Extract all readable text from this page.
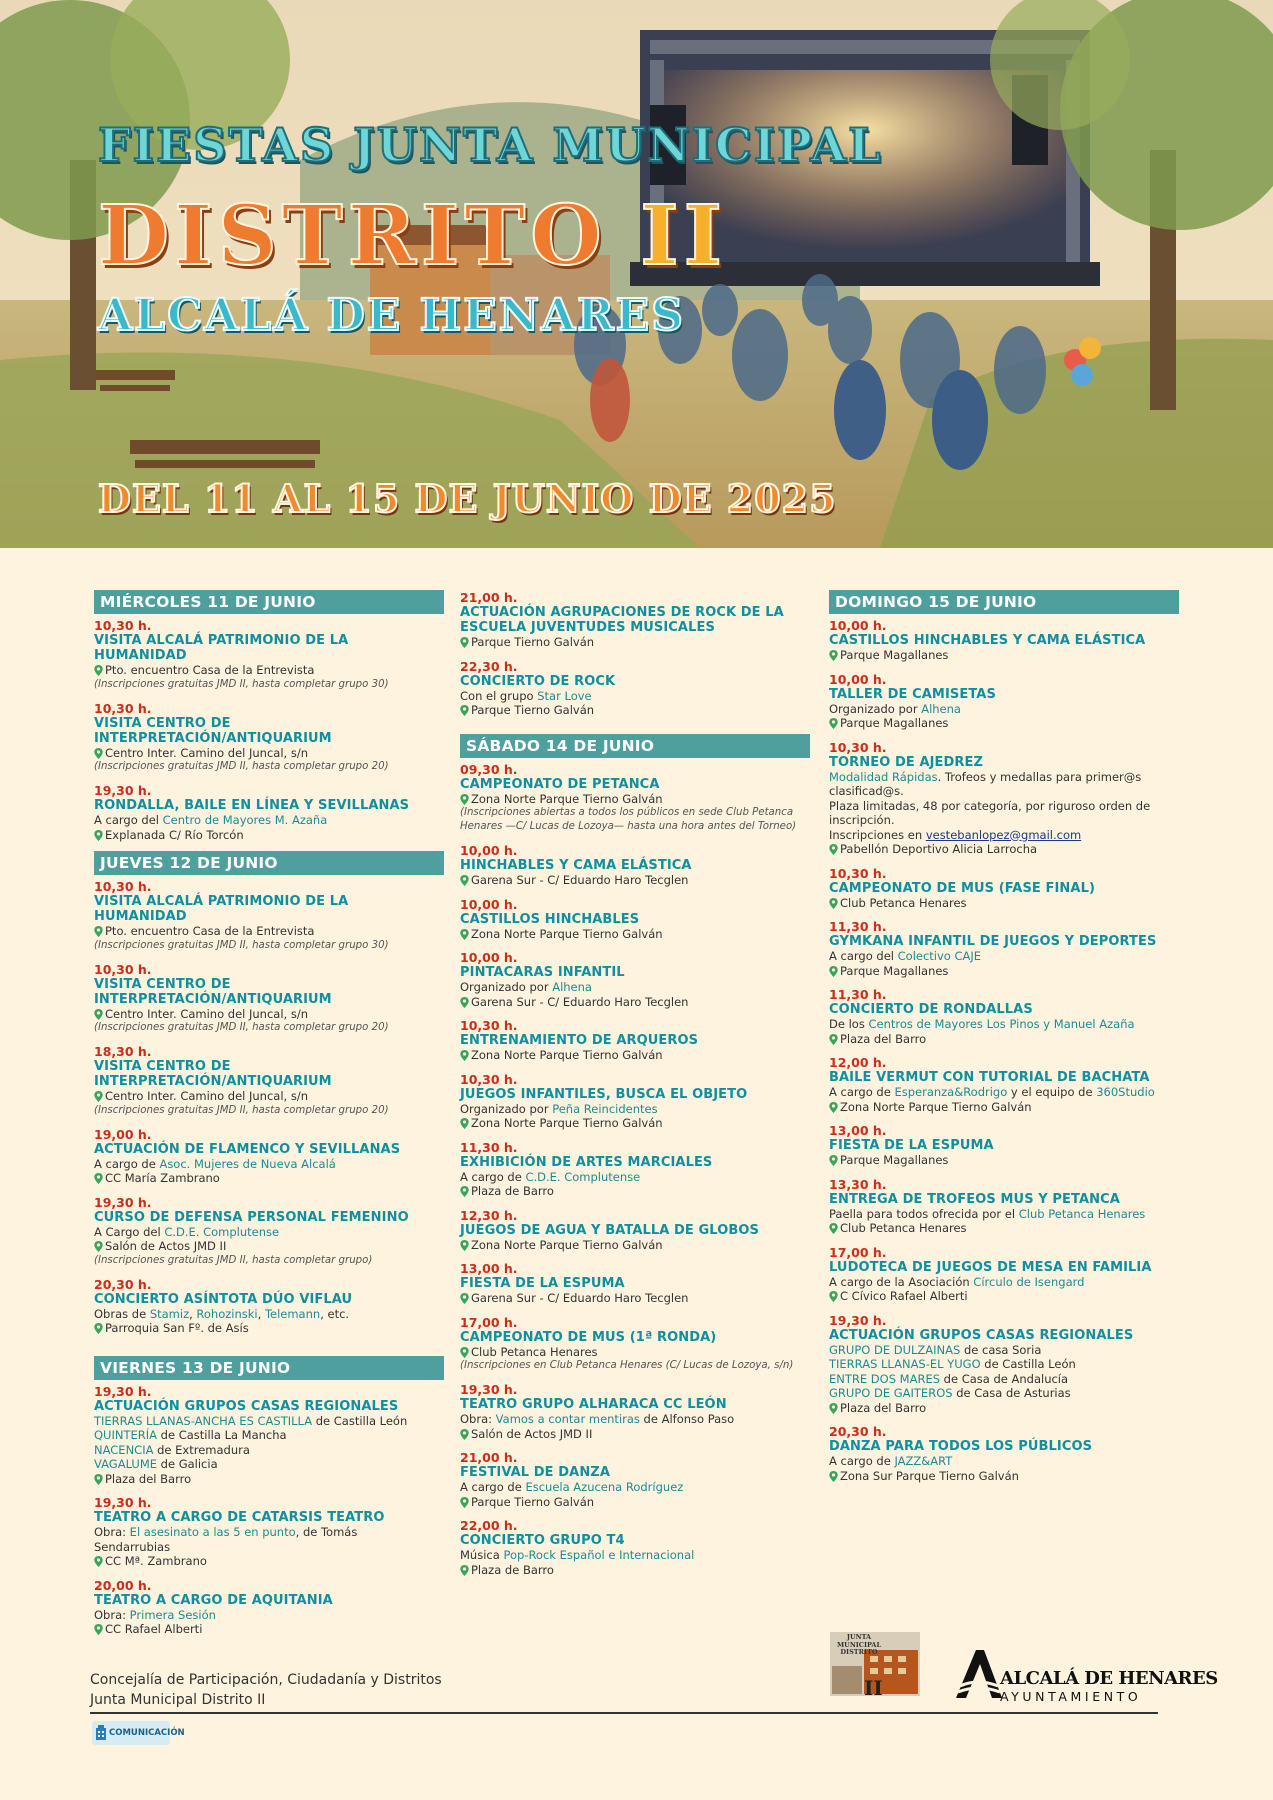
FIESTAS JUNTA MUNICIPAL
DISTRITO II
ALCALÁ DE HENARES
DEL 11 AL 15 DE JUNIO DE 2025
MIÉRCOLES 11 DE JUNIO
10,30 h.
VISITA ALCALÁ PATRIMONIO DE LA HUMANIDAD
Pto. encuentro Casa de la Entrevista
(Inscripciones gratuitas JMD II, hasta completar grupo 30)
10,30 h.
VISITA CENTRO DE INTERPRETACIÓN/ANTIQUARIUM
Centro Inter. Camino del Juncal, s/n
(Inscripciones gratuitas JMD II, hasta completar grupo 20)
19,30 h.
RONDALLA, BAILE EN LÍNEA Y SEVILLANAS
A cargo del Centro de Mayores M. Azaña
Explanada C/ Río Torcón
JUEVES 12 DE JUNIO
10,30 h.
VISITA ALCALÁ PATRIMONIO DE LA HUMANIDAD
Pto. encuentro Casa de la Entrevista
(Inscripciones gratuitas JMD II, hasta completar grupo 30)
10,30 h.
VISITA CENTRO DE INTERPRETACIÓN/ANTIQUARIUM
Centro Inter. Camino del Juncal, s/n
(Inscripciones gratuitas JMD II, hasta completar grupo 20)
18,30 h.
VISITA CENTRO DE INTERPRETACIÓN/ANTIQUARIUM
Centro Inter. Camino del Juncal, s/n
(Inscripciones gratuitas JMD II, hasta completar grupo 20)
19,00 h.
ACTUACIÓN DE FLAMENCO Y SEVILLANAS
A cargo de Asoc. Mujeres de Nueva Alcalá
CC María Zambrano
19,30 h.
CURSO DE DEFENSA PERSONAL FEMENINO
A Cargo del C.D.E. Complutense
Salón de Actos JMD II
(Inscripciones gratuitas JMD II, hasta completar grupo)
20,30 h.
CONCIERTO ASÍNTOTA DÚO VIFLAU
Obras de Stamiz, Rohozinski, Telemann, etc.
Parroquia San Fº. de Asís
VIERNES 13 DE JUNIO
19,30 h.
ACTUACIÓN GRUPOS CASAS REGIONALES
TIERRAS LLANAS-ANCHA ES CASTILLA de Castilla León
QUINTERÍA de Castilla La Mancha
NACENCIA de Extremadura
VAGALUME de Galicia
Plaza del Barro
19,30 h.
TEATRO A CARGO DE CATARSIS TEATRO
Obra: El asesinato a las 5 en punto, de Tomás
Sendarrubias
CC Mª. Zambrano
20,00 h.
TEATRO A CARGO DE AQUITANIA
Obra: Primera Sesión
CC Rafael Alberti
21,00 h.
ACTUACIÓN AGRUPACIONES DE ROCK DE LA ESCUELA JUVENTUDES MUSICALES
Parque Tierno Galván
22,30 h.
CONCIERTO DE ROCK
Con el grupo Star Love
Parque Tierno Galván
SÁBADO 14 DE JUNIO
09,30 h.
CAMPEONATO DE PETANCA
Zona Norte Parque Tierno Galván
(Inscripciones abiertas a todos los públicos en sede Club Petanca Henares —C/ Lucas de Lozoya— hasta una hora antes del Torneo)
10,00 h.
HINCHABLES Y CAMA ELÁSTICA
Garena Sur - C/ Eduardo Haro Tecglen
10,00 h.
CASTILLOS HINCHABLES
Zona Norte Parque Tierno Galván
10,00 h.
PINTACARAS INFANTIL
Organizado por Alhena
Garena Sur - C/ Eduardo Haro Tecglen
10,30 h.
ENTRENAMIENTO DE ARQUEROS
Zona Norte Parque Tierno Galván
10,30 h.
JUEGOS INFANTILES, BUSCA EL OBJETO
Organizado por Peña Reincidentes
Zona Norte Parque Tierno Galván
11,30 h.
EXHIBICIÓN DE ARTES MARCIALES
A cargo de C.D.E. Complutense
Plaza de Barro
12,30 h.
JUEGOS DE AGUA Y BATALLA DE GLOBOS
Zona Norte Parque Tierno Galván
13,00 h.
FIESTA DE LA ESPUMA
Garena Sur - C/ Eduardo Haro Tecglen
17,00 h.
CAMPEONATO DE MUS (1ª RONDA)
Club Petanca Henares
(Inscripciones en Club Petanca Henares (C/ Lucas de Lozoya, s/n)
19,30 h.
TEATRO GRUPO ALHARACA CC LEÓN
Obra: Vamos a contar mentiras de Alfonso Paso
Salón de Actos JMD II
21,00 h.
FESTIVAL DE DANZA
A cargo de Escuela Azucena Rodríguez
Parque Tierno Galván
22,00 h.
CONCIERTO GRUPO T4
Música Pop-Rock Español e Internacional
Plaza de Barro
DOMINGO 15 DE JUNIO
10,00 h.
CASTILLOS HINCHABLES Y CAMA ELÁSTICA
Parque Magallanes
10,00 h.
TALLER DE CAMISETAS
Organizado por Alhena
Parque Magallanes
10,30 h.
TORNEO DE AJEDREZ
Modalidad Rápidas. Trofeos y medallas para primer@s
clasificad@s.
Plaza limitadas, 48 por categoría, por riguroso orden de
inscripción.
Inscripciones en vestebanlopez@gmail.com
Pabellón Deportivo Alicia Larrocha
10,30 h.
CAMPEONATO DE MUS (FASE FINAL)
Club Petanca Henares
11,30 h.
GYMKANA INFANTIL DE JUEGOS Y DEPORTES
A cargo del Colectivo CAJE
Parque Magallanes
11,30 h.
CONCIERTO DE RONDALLAS
De los Centros de Mayores Los Pinos y Manuel Azaña
Plaza del Barro
12,00 h.
BAILE VERMUT CON TUTORIAL DE BACHATA
A cargo de Esperanza&Rodrigo y el equipo de 360Studio
Zona Norte Parque Tierno Galván
13,00 h.
FIESTA DE LA ESPUMA
Parque Magallanes
13,30 h.
ENTREGA DE TROFEOS MUS Y PETANCA
Paella para todos ofrecida por el Club Petanca Henares
Club Petanca Henares
17,00 h.
LUDOTECA DE JUEGOS DE MESA EN FAMILIA
A cargo de la Asociación Círculo de Isengard
C Cívico Rafael Alberti
19,30 h.
ACTUACIÓN GRUPOS CASAS REGIONALES
GRUPO DE DULZAINAS de casa Soria
TIERRAS LLANAS-EL YUGO de Castilla León
ENTRE DOS MARES de Casa de Andalucía
GRUPO DE GAITEROS de Casa de Asturias
Plaza del Barro
20,30 h.
DANZA PARA TODOS LOS PÚBLICOS
A cargo de JAZZ&ART
Zona Sur Parque Tierno Galván
Concejalía de Participación, Ciudadanía y Distritos
Junta Municipal Distrito II
COMUNICACIÓN
JUNTA MUNICIPAL DISTRITO
II	ALCALÁ DE HENARES
AYUNTAMIENTO
